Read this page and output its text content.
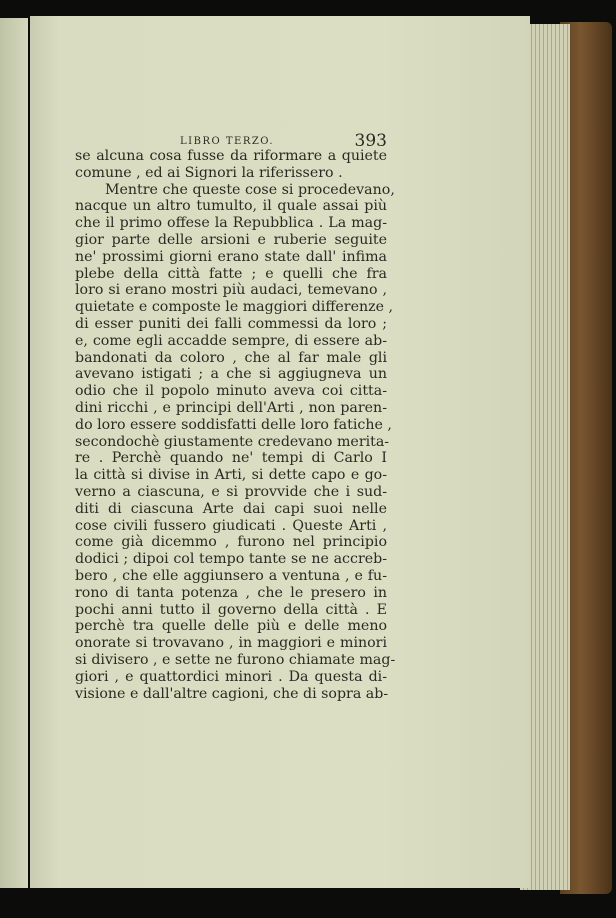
LIBRO TERZO.	393
se alcuna cosa fusse da riformare a quiete
comune , ed ai Signori la riferissero .
Mentre che queste cose si procedevano,
nacque un altro tumulto, il quale assai più
che il primo offese la Repubblica . La mag-
gior parte delle arsioni e ruberie seguite
ne' prossimi giorni erano state dall' infima
plebe della città fatte ; e quelli che fra
loro si erano mostri più audaci, temevano ,
quietate e composte le maggiori differenze ,
di esser puniti dei falli commessi da loro ;
e, come egli accadde sempre, di essere ab-
bandonati da coloro , che al far male gli
avevano istigati ; a che si aggiugneva un
odio che il popolo minuto aveva coi citta-
dini ricchi , e principi dell'Arti , non paren-
do loro essere soddisfatti delle loro fatiche ,
secondochè giustamente credevano merita-
re . Perchè quando ne' tempi di Carlo I
la città si divise in Arti, si dette capo e go-
verno a ciascuna, e si provvide che i sud-
diti di ciascuna Arte dai capi suoi nelle
cose civili fussero giudicati . Queste Arti ,
come già dicemmo , furono nel principio
dodici ; dipoi col tempo tante se ne accreb-
bero , che elle aggiunsero a ventuna , e fu-
rono di tanta potenza , che le presero in
pochi anni tutto il governo della città . E
perchè tra quelle delle più e delle meno
onorate si trovavano , in maggiori e minori
si divisero , e sette ne furono chiamate mag-
giori , e quattordici minori . Da questa di-
visione e dall'altre cagioni, che di sopra ab-
